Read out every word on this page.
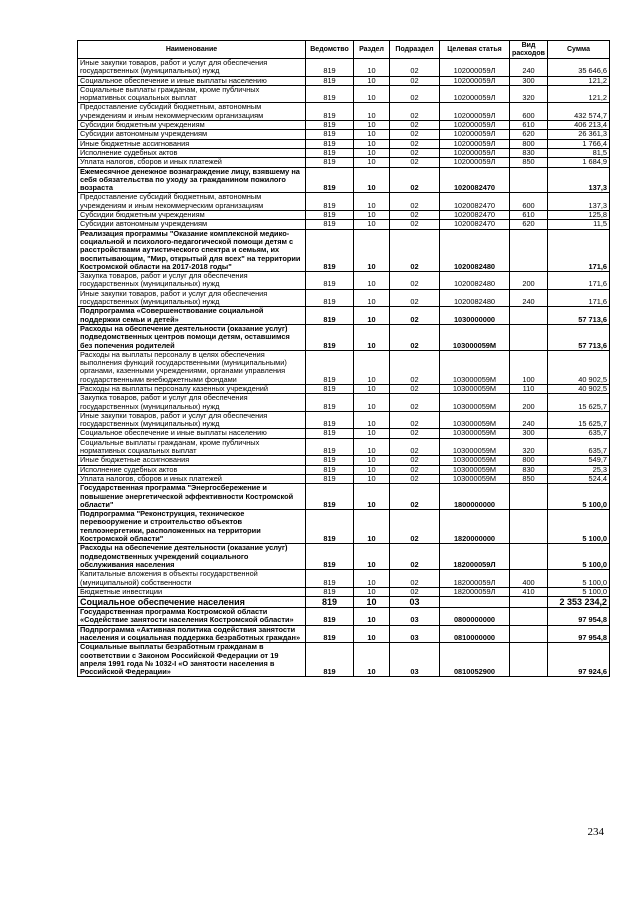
Наименование	Ведомство	Раздел	Подраздел	Целевая статья	Вид расходов	Сумма
Иные закупки товаров, работ и услуг для обеспечения государственных (муниципальных) нужд	819	10	02	102000059Л	240	35 646,6
Социальное обеспечение и иные выплаты населению	819	10	02	102000059Л	300	121,2
Социальные выплаты гражданам, кроме публичных нормативных социальных выплат	819	10	02	102000059Л	320	121,2
Предоставление субсидий бюджетным, автономным учреждениям и иным некоммерческим организациям	819	10	02	102000059Л	600	432 574,7
Субсидии бюджетным учреждениям	819	10	02	102000059Л	610	406 213,4
Субсидии автономным учреждениям	819	10	02	102000059Л	620	26 361,3
Иные бюджетные ассигнования	819	10	02	102000059Л	800	1 766,4
Исполнение судебных актов	819	10	02	102000059Л	830	81,5
Уплата налогов, сборов и иных платежей	819	10	02	102000059Л	850	1 684,9
Ежемесячное денежное вознаграждение лицу, взявшему на себя обязательства по уходу за гражданином пожилого возраста	819	10	02	1020082470		137,3
Предоставление субсидий бюджетным, автономным учреждениям и иным некоммерческим организациям	819	10	02	1020082470	600	137,3
Субсидии бюджетным учреждениям	819	10	02	1020082470	610	125,8
Субсидии автономным учреждениям	819	10	02	1020082470	620	11,5
Реализация программы "Оказание комплексной медико-социальной и психолого-педагогической помощи детям с расстройствами аутистического спектра и семьям, их воспитывающим, "Мир, открытый для всех" на территории Костромской области на 2017-2018 годы"	819	10	02	1020082480		171,6
Закупка товаров, работ и услуг для обеспечения государственных (муниципальных) нужд	819	10	02	1020082480	200	171,6
Иные закупки товаров, работ и услуг для обеспечения государственных (муниципальных) нужд	819	10	02	1020082480	240	171,6
Подпрограмма «Совершенствование социальной поддержки семьи и детей»	819	10	02	1030000000		57 713,6
Расходы на обеспечение деятельности (оказание услуг) подведомственных центров помощи детям, оставшимся без попечения родителей	819	10	02	103000059М		57 713,6
Расходы на выплаты персоналу в целях обеспечения выполнения функций государственными (муниципальными) органами, казенными учреждениями, органами управления государственными внебюджетными фондами	819	10	02	103000059М	100	40 902,5
Расходы на выплаты персоналу казенных учреждений	819	10	02	103000059М	110	40 902,5
Закупка товаров, работ и услуг для обеспечения государственных (муниципальных) нужд	819	10	02	103000059М	200	15 625,7
Иные закупки товаров, работ и услуг для обеспечения государственных (муниципальных) нужд	819	10	02	103000059М	240	15 625,7
Социальное обеспечение и иные выплаты населению	819	10	02	103000059М	300	635,7
Социальные выплаты гражданам, кроме публичных нормативных социальных выплат	819	10	02	103000059М	320	635,7
Иные бюджетные ассигнования	819	10	02	103000059М	800	549,7
Исполнение судебных актов	819	10	02	103000059М	830	25,3
Уплата налогов, сборов и иных платежей	819	10	02	103000059М	850	524,4
Государственная программа "Энергосбережение и повышение энергетической эффективности Костромской области"	819	10	02	1800000000		5 100,0
Подпрограмма "Реконструкция, техническое перевооружение и строительство объектов теплоэнергетики, расположенных на территории Костромской области"	819	10	02	1820000000		5 100,0
Расходы на обеспечение деятельности (оказание услуг) подведомственных учреждений социального обслуживания населения	819	10	02	182000059Л		5 100,0
Капитальные вложения в объекты государственной (муниципальной) собственности	819	10	02	182000059Л	400	5 100,0
Бюджетные инвестиции	819	10	02	182000059Л	410	5 100,0
Социальное обеспечение населения	819	10	03			2 353 234,2
Государственная программа Костромской области «Содействие занятости населения Костромской области»	819	10	03	0800000000		97 954,8
Подпрограмма «Активная политика содействия занятости населения и социальная поддержка безработных граждан»	819	10	03	0810000000		97 954,8
Социальные выплаты безработным гражданам в соответствии с Законом Российской Федерации от 19 апреля 1991 года № 1032-I «О занятости населения в Российской Федерации»	819	10	03	0810052900		97 924,6
234
